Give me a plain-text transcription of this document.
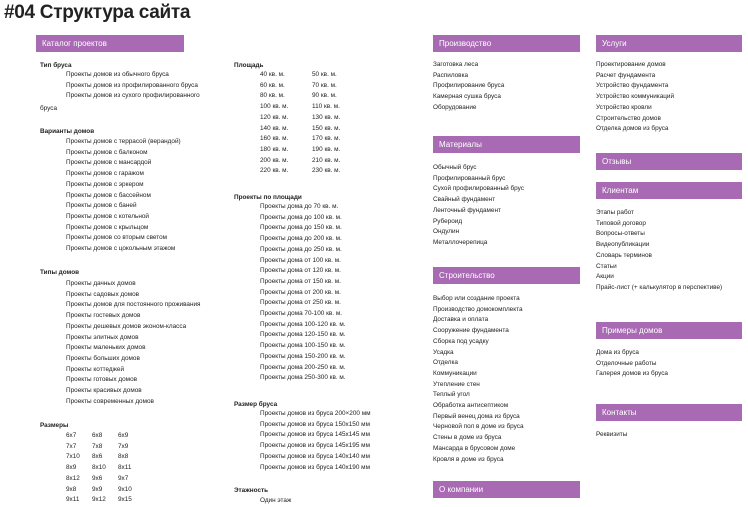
#04 Структура сайта
Каталог проектов
Тип бруса
Проекты домов из обычного бруса
Проекты домов из профилированного бруса
Проекты домов из сухого профилированного
бруса
Варианты домов
Проекты домов с террасой (верандой)
Проекты домов с балконом
Проекты домов с мансардой
Проекты домов с гаражом
Проекты домов с эркером
Проекты домов с бассейном
Проекты домов с баней
Проекты домов с котельной
Проекты домов с крыльцом
Проекты домов со вторым светом
Проекты домов с цокольным этажом
Типы домов
Проекты дачных домов
Проекты садовых домов
Проекты домов для постоянного проживания
Проекты гостевых домов
Проекты дешевых домов эконом-класса
Проекты элитных домов
Проекты маленьких домов
Проекты больших домов
Проекты коттеджей
Проекты готовых домов
Проекты красивых домов
Проекты современных домов
Размеры
6x7	6x8	6x9
7x7	7x8	7x9
7x10	8x6	8x8
8x9	8x10	8x11
8x12	9x6	9x7
9x8	9x9	9x10
9x11	9x12	9x15
Площадь
40 кв. м.	50 кв. м.
60 кв. м.	70 кв. м.
80 кв. м.	90 кв. м.
100 кв. м.	110 кв. м.
120 кв. м.	130 кв. м.
140 кв. м.	150 кв. м.
160 кв. м.	170 кв. м.
180 кв. м.	190 кв. м.
200 кв. м.	210 кв. м.
220 кв. м.	230 кв. м.
Проекты по площади
Проекты дома до 70 кв. м.
Проекты дома до 100 кв. м.
Проекты дома до 150 кв. м.
Проекты дома до 200 кв. м.
Проекты дома до 250 кв. м.
Проекты дома от 100 кв. м.
Проекты дома от 120 кв. м.
Проекты дома от 150 кв. м.
Проекты дома от 200 кв. м.
Проекты дома от 250 кв. м.
Проекты дома 70-100 кв. м.
Проекты дома 100-120 кв. м.
Проекты дома 120-150 кв. м.
Проекты дома 100-150 кв. м.
Проекты дома 150-200 кв. м.
Проекты дома 200-250 кв. м.
Проекты дома 250-300 кв. м.
Размер бруса
Проекты домов из бруса 200×200 мм
Проекты домов из бруса 150x150 мм
Проекты домов из бруса 145x145 мм
Проекты домов из бруса 145x195 мм
Проекты домов из бруса 140x140 мм
Проекты домов из бруса 140x190 мм
Этажность
Один этаж
Производство
Заготовка леса
Распиловка
Профилирование бруса
Камерная сушка бруса
Оборудование
Материалы
Обычный брус
Профилированный брус
Сухой профилированный брус
Свайный фундамент
Ленточный фундамент
Рубероид
Ондулин
Металлочерепица
Строительство
Выбор или создание проекта
Производство домокомплекта
Доставка и оплата
Сооружение фундамента
Сборка под усадку
Усадка
Отделка
Коммуникации
Утепление стен
Теплый угол
Обработка антисептиком
Первый венец дома из бруса
Черновой пол в доме из бруса
Стены в доме из бруса
Мансарда в брусовом доме
Кровля в доме из бруса
О компании
Услуги
Проектирование домов
Расчет фундамента
Устройство фундамента
Устройство коммуникаций
Устройство кровли
Строительство домов
Отделка домов из бруса
Отзывы
Клиентам
Этапы работ
Типовой договор
Вопросы-ответы
Видеопубликации
Словарь терминов
Статьи
Акции
Прайс-лист (+ калькулятор в перспективе)
Примеры домов
Дома из бруса
Отделочные работы
Галерея домов из бруса
Контакты
Реквизиты
